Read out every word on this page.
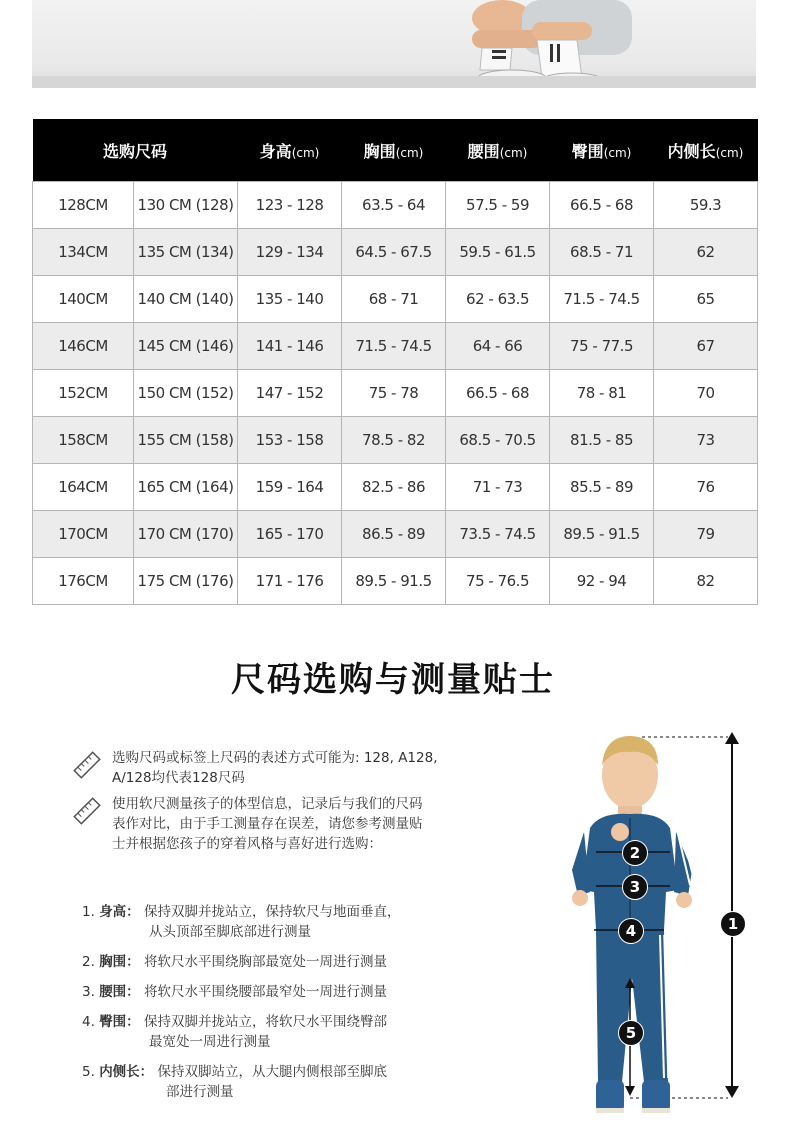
选购尺码		身高(cm)	胸围(cm)	腰围(cm)	臀围(cm)	内侧长(cm)
128CM	130 CM (128)	123 - 128	63.5 - 64	57.5 - 59	66.5 - 68	59.3
134CM	135 CM (134)	129 - 134	64.5 - 67.5	59.5 - 61.5	68.5 - 71	62
140CM	140 CM (140)	135 - 140	68 - 71	62 - 63.5	71.5 - 74.5	65
146CM	145 CM (146)	141 - 146	71.5 - 74.5	64 - 66	75 - 77.5	67
152CM	150 CM (152)	147 - 152	75 - 78	66.5 - 68	78 - 81	70
158CM	155 CM (158)	153 - 158	78.5 - 82	68.5 - 70.5	81.5 - 85	73
164CM	165 CM (164)	159 - 164	82.5 - 86	71 - 73	85.5 - 89	76
170CM	170 CM (170)	165 - 170	86.5 - 89	73.5 - 74.5	89.5 - 91.5	79
176CM	175 CM (176)	171 - 176	89.5 - 91.5	75 - 76.5	92 - 94	82
尺码选购与测量贴士
选购尺码或标签上尺码的表述方式可能为: 128, A128, A/128均代表128尺码
使用软尺测量孩子的体型信息，记录后与我们的尺码表作对比，由于手工测量存在误差，请您参考测量贴士并根据您孩子的穿着风格与喜好进行选购：
1. 身高： 保持双脚并拢站立，保持软尺与地面垂直，
从头顶部至脚底部进行测量
2. 胸围： 将软尺水平围绕胸部最宽处一周进行测量
3. 腰围： 将软尺水平围绕腰部最窄处一周进行测量
4. 臀围： 保持双脚并拢站立，将软尺水平围绕臀部
最宽处一周进行测量
5. 内侧长： 保持双脚站立，从大腿内侧根部至脚底
部进行测量
1
2
3
4
5
